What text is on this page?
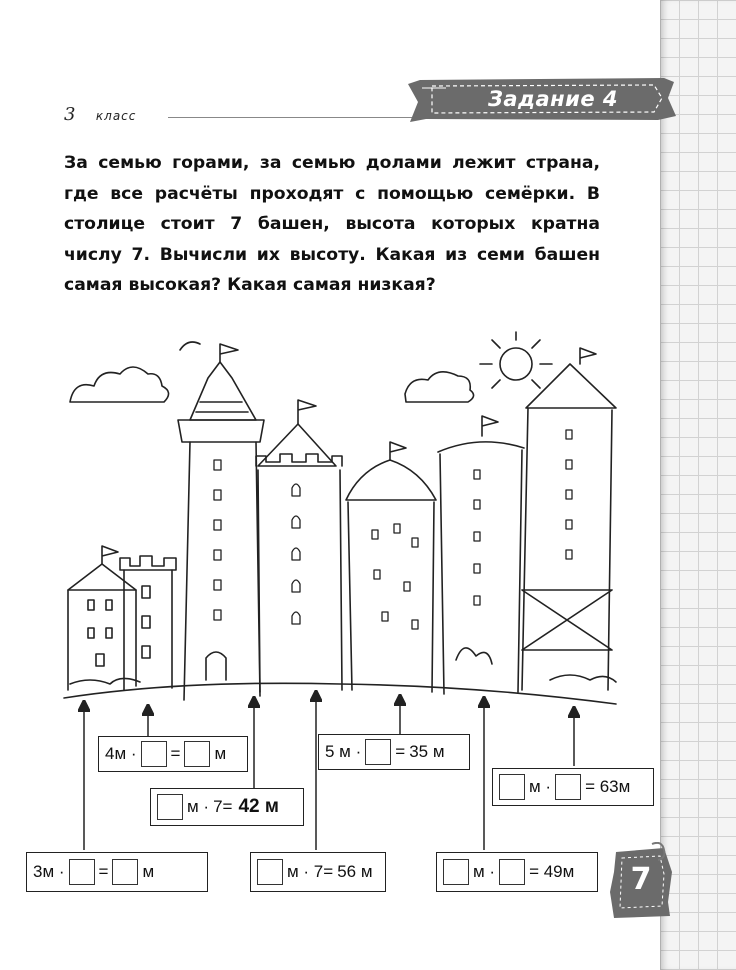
3 класс
Задание 4

За семью горами, за семью долами лежит страна, где все расчёты проходят с помощью семёрки. В столице стоит 7 башен, высота которых кратна числу 7. Вычисли их высоту. Какая из семи башен самая высокая? Какая самая низкая?

4м · = м
м · 7= 42 м
3м · = м	м · 7= 56 м
5 м · = 35 м
м · = 49м
м · = 63м
7
